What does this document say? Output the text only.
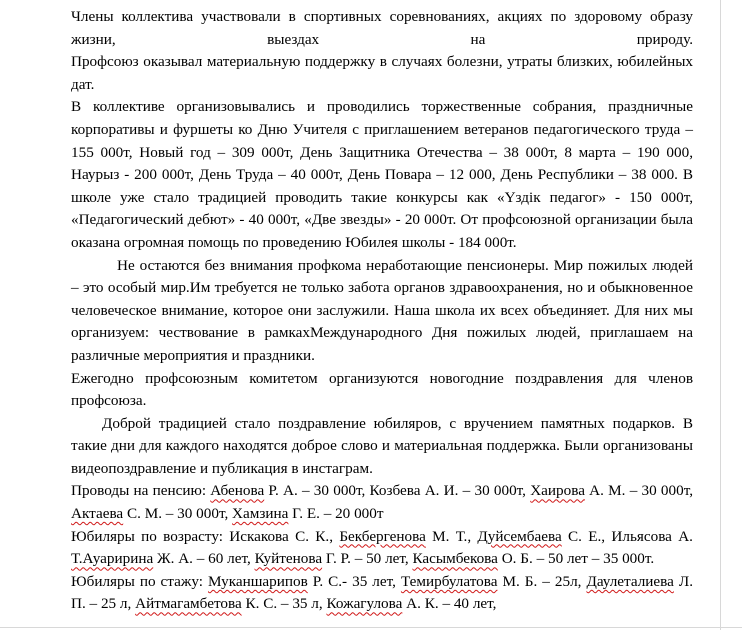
Члены коллектива участвовали в спортивных соревнованиях, акциях по здоровому образу жизни, выездах на природу.

Профсоюз оказывал материальную поддержку в случаях болезни, утраты близких, юбилейных дат.

В коллективе организовывались и проводились торжественные собрания, праздничные корпоративы и фуршеты ко Дню Учителя с приглашением ветеранов педагогического труда – 155 000т, Новый год – 309 000т, День Защитника Отечества – 38 000т, 8 марта – 190 000, Наурыз - 200 000т, День Труда – 40 000т, День Повара – 12 000, День Республики – 38 000. В школе уже стало традицией проводить такие конкурсы как «Үздік педагог» - 150 000т, «Педагогический дебют» - 40 000т, «Две звезды» - 20 000т. От профсоюзной организации была оказана огромная помощь по проведению Юбилея школы - 184 000т.

Не остаются без внимания профкома неработающие пенсионеры. Мир пожилых людей – это особый мир.Им требуется не только забота органов здравоохранения, но и обыкновенное человеческое внимание, которое они заслужили. Наша школа их всех объединяет. Для них мы организуем: чествование в рамкахМеждународного Дня пожилых людей, приглашаем на различные мероприятия и праздники.

Ежегодно профсоюзным комитетом организуются новогодние поздравления для членов профсоюза.

Доброй традицией стало поздравление юбиляров, с вручением памятных подарков. В такие дни для каждого находятся доброе слово и материальная поддержка. Были организованы видеопоздравление и публикация в инстаграм.

Проводы на пенсию: Абенова Р. А. – 30 000т, Козбева А. И. – 30 000т, Хаирова А. М. – 30 000т, Актаева С. М. – 30 000т, Хамзина Г. Е. – 20 000т

Юбиляры по возрасту: Искакова С. К., Бекбергенова М. Т., Дуйсембаева С. Е., Ильясова А. Т.Ауаририна Ж. А. – 60 лет, Куйтенова Г. Р. – 50 лет, Касымбекова О. Б. – 50 лет – 35 000т.

Юбиляры по стажу: Муканшарипов Р. С.- 35 лет, Темирбулатова М. Б. – 25л, Даулеталиева Л. П. – 25 л, Айтмагамбетова К. С. – 35 л, Кожагулова А. К. – 40 лет,
